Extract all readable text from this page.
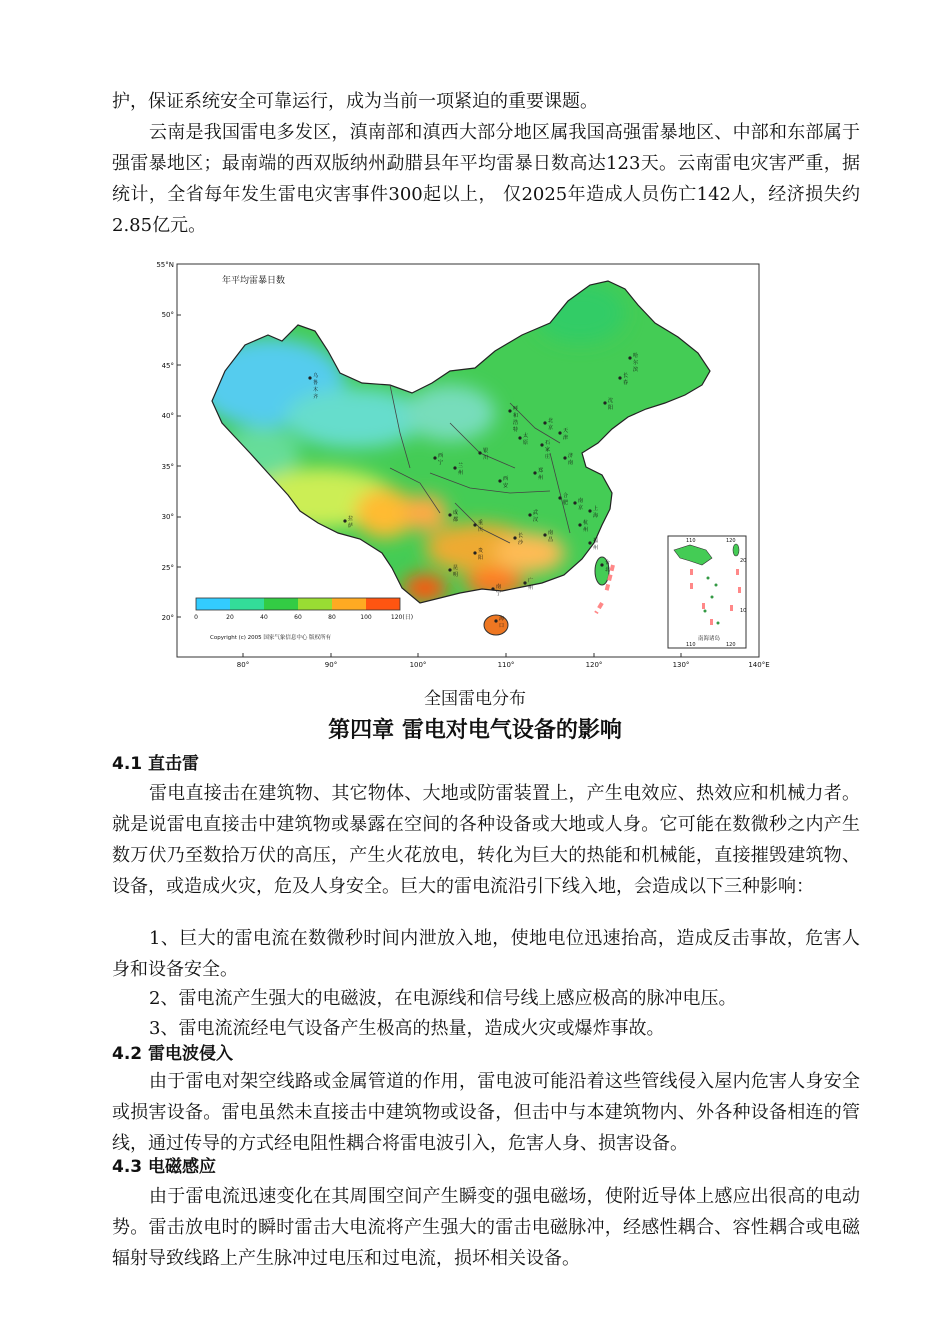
护，保证系统安全可靠运行，成为当前一项紧迫的重要课题。

云南是我国雷电多发区，滇南部和滇西大部分地区属我国高强雷暴地区、中部和东部属于强雷暴地区；最南端的西双版纳州勐腊县年平均雷暴日数高达123天。云南雷电灾害严重，据统计，全省每年发生雷电灾害事件300起以上， 仅2025年造成人员伤亡142人，经济损失约2.85亿元。

年平均雷暴日数
55°N
50°
45°
40°
35°
30°
25°
20°
80°	90°	100°	110°	120°	130°	140°E
0	20	40	60	80	100	120(日)
Copyright (c) 2005 国家气象信息中心 版权所有
110	120
20
10
110	120
南海诸岛
乌鲁木齐
哈尔滨
长春
沈阳
北京 天津
呼和浩特
太原	石家庄	济南
银川
兰州
西宁
郑州
西安
合肥 南京 上海
武汉	杭州
成都	重庆
长沙
南昌	福州
拉萨
贵阳
昆明
南宁
广州
台北
海口

全国雷电分布

第四章 雷电对电气设备的影响
4.1 直击雷

雷电直接击在建筑物、其它物体、大地或防雷装置上，产生电效应、热效应和机械力者。就是说雷电直接击中建筑物或暴露在空间的各种设备或大地或人身。它可能在数微秒之内产生数万伏乃至数拾万伏的高压，产生火花放电，转化为巨大的热能和机械能，直接摧毁建筑物、设备，或造成火灾，危及人身安全。巨大的雷电流沿引下线入地，会造成以下三种影响：

1、巨大的雷电流在数微秒时间内泄放入地，使地电位迅速抬高，造成反击事故，危害人身和设备安全。

2、雷电流产生强大的电磁波，在电源线和信号线上感应极高的脉冲电压。

3、雷电流流经电气设备产生极高的热量，造成火灾或爆炸事故。

4.2 雷电波侵入

由于雷电对架空线路或金属管道的作用，雷电波可能沿着这些管线侵入屋内危害人身安全或损害设备。雷电虽然未直接击中建筑物或设备，但击中与本建筑物内、外各种设备相连的管线，通过传导的方式经电阻性耦合将雷电波引入，危害人身、损害设备。

4.3 电磁感应

由于雷电流迅速变化在其周围空间产生瞬变的强电磁场，使附近导体上感应出很高的电动势。雷击放电时的瞬时雷击大电流将产生强大的雷击电磁脉冲，经感性耦合、容性耦合或电磁辐射导致线路上产生脉冲过电压和过电流，损坏相关设备。
